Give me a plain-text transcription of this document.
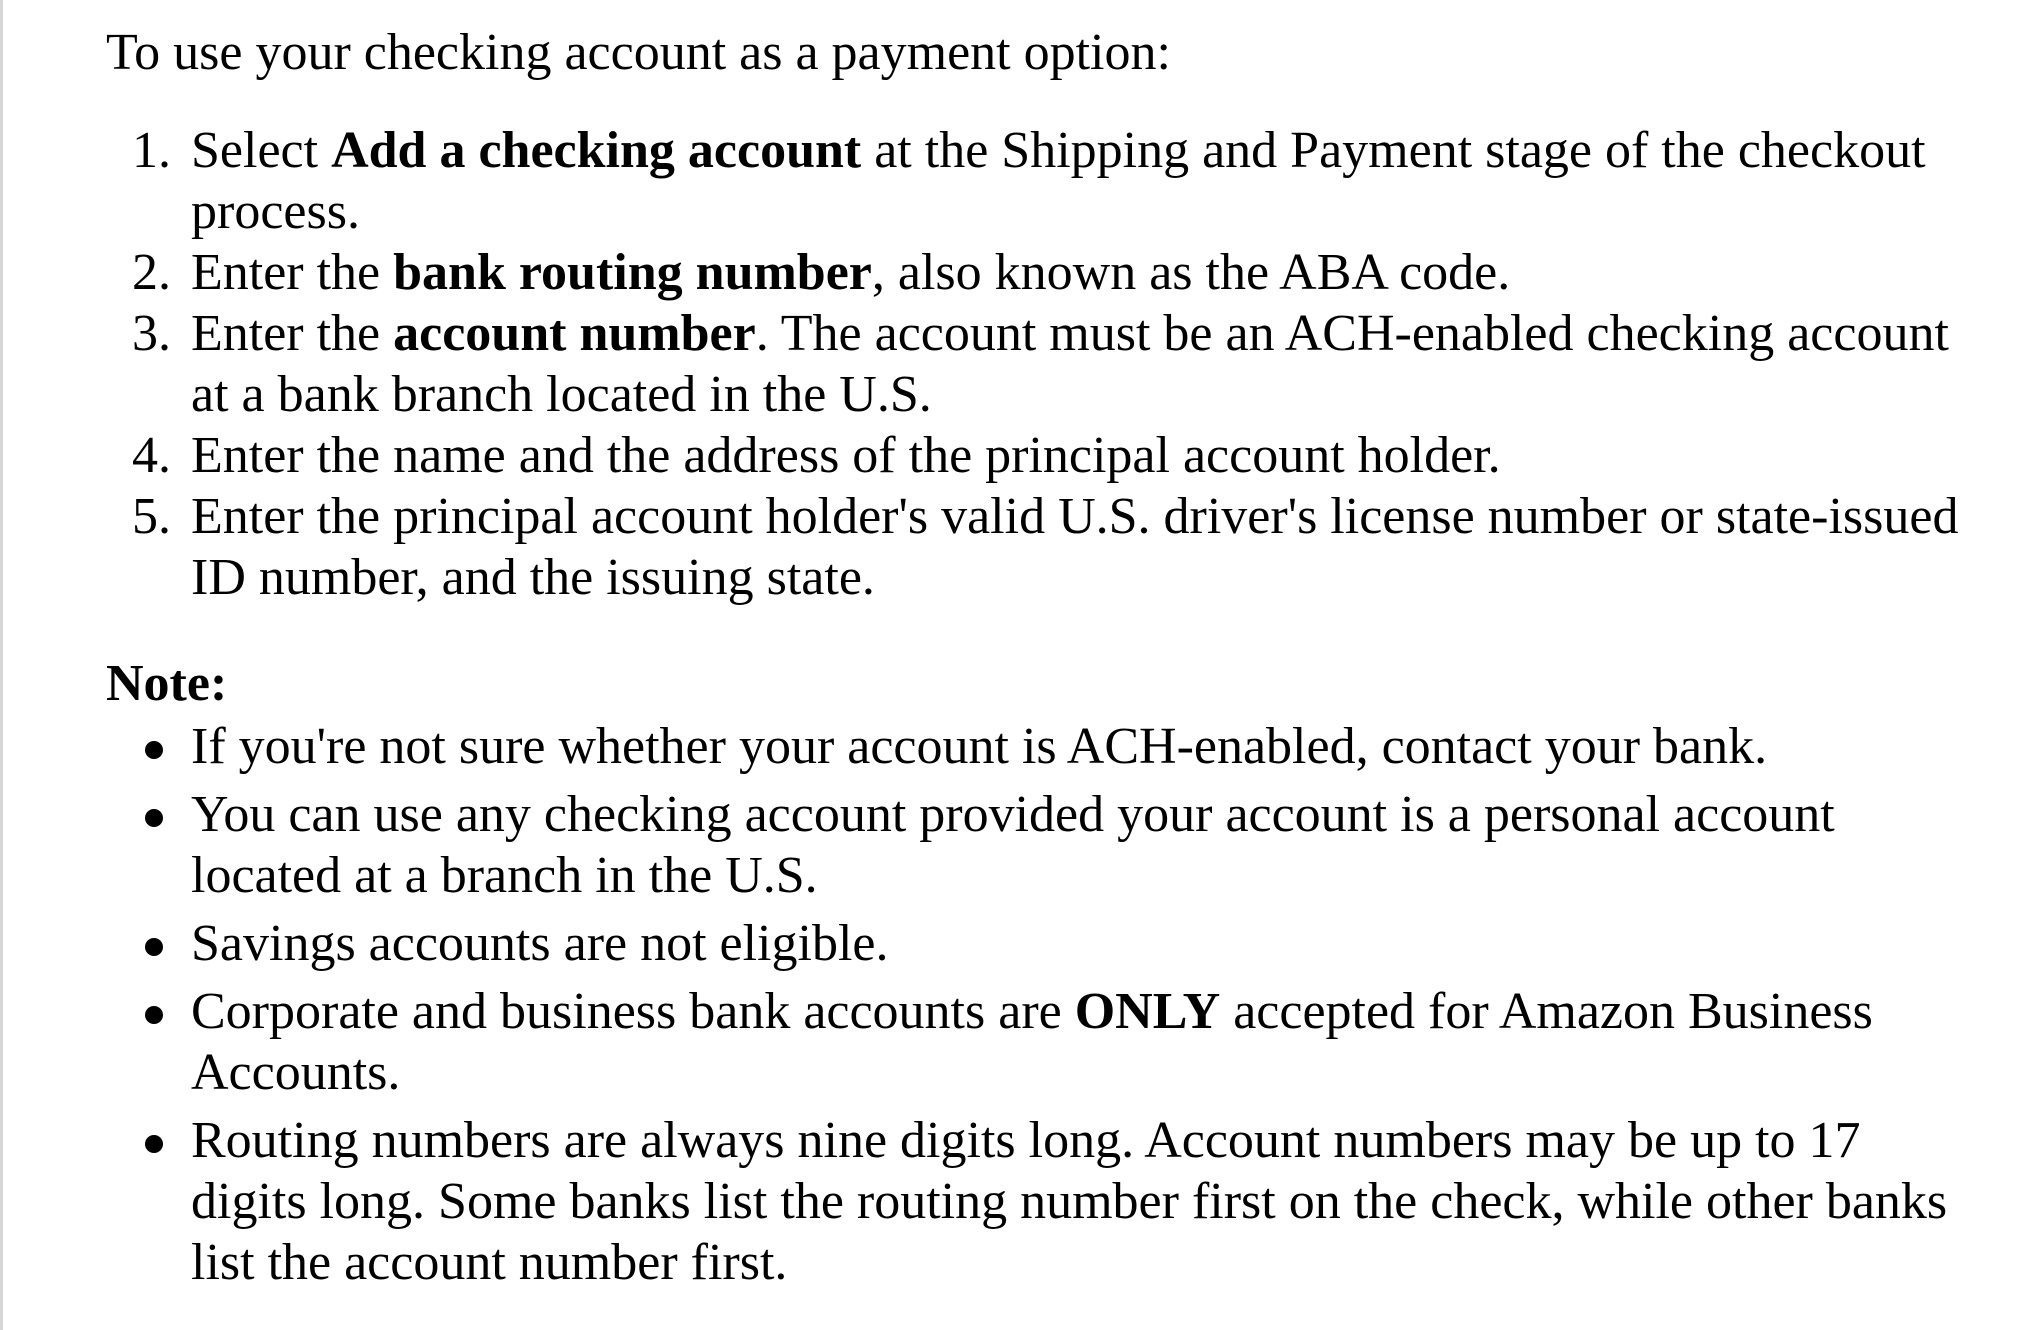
To use your checking account as a payment option:

1. Select Add a checking account at the Shipping and Payment stage of the checkout process.
2. Enter the bank routing number, also known as the ABA code.
3. Enter the account number. The account must be an ACH-enabled checking account at a bank branch located in the U.S.
4. Enter the name and the address of the principal account holder.
5. Enter the principal account holder's valid U.S. driver's license number or state-issued ID number, and the issuing state.
Note:
If you're not sure whether your account is ACH-enabled, contact your bank.
You can use any checking account provided your account is a personal account located at a branch in the U.S.
Savings accounts are not eligible.
Corporate and business bank accounts are ONLY accepted for Amazon Business Accounts.
Routing numbers are always nine digits long. Account numbers may be up to 17 digits long. Some banks list the routing number first on the check, while other banks list the account number first.
